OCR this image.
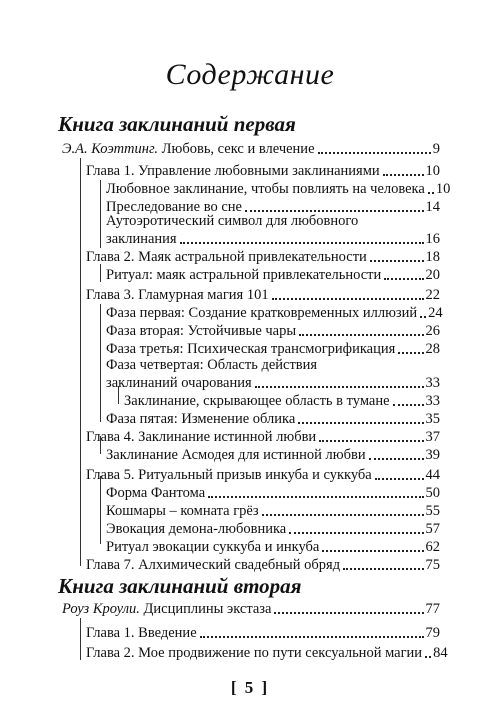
Содержание
Книга заклинаний первая
Э.А. Коэттинг. Любовь, секс и влечение	9
Глава 1. Управление любовными заклинаниями	10
Любовное заклинание, чтобы повлиять на человека 10
Преследование во сне	14
Аутоэротический символ для любовного
заклинания	16
Глава 2. Маяк астральной привлекательности	18
Ритуал: маяк астральной привлекательности	20
Глава 3. Гламурная магия 101	22
Фаза первая: Создание кратковременных иллюзий 24
Фаза вторая: Устойчивые чары	26
Фаза третья: Психическая трансмогрификация 28
Фаза четвертая: Область действия
заклинаний очарования	33
Заклинание, скрывающее область в тумане 33
Фаза пятая: Изменение облика	35
Глава 4. Заклинание истинной любви	37
Заклинание Асмодея для истинной любви	39
Глава 5. Ритуальный призыв инкуба и суккуба	44
Форма Фантома	50
Кошмары – комната грёз	55
Эвокация демона-любовника	57
Ритуал эвокации суккуба и инкуба	62
Глава 7. Алхимический свадебный обряд	75
Роуз Кроули. Дисциплины экстаза	77
Глава 1. Введение	79
Глава 2. Мое продвижение по пути сексуальной магии 84
Книга заклинаний вторая
[ 5 ]
